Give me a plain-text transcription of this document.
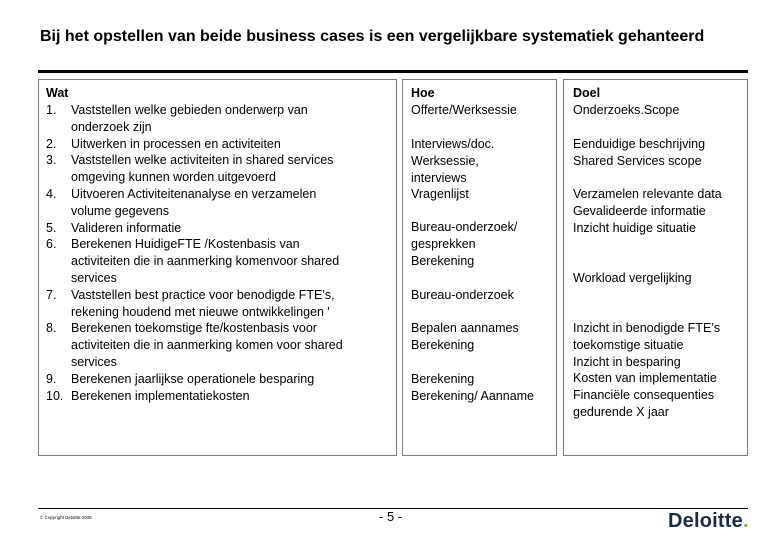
Bij het opstellen van beide business cases is een vergelijkbare systematiek gehanteerd
Wat
1. Vaststellen welke gebieden onderwerp van
onderzoek zijn
2. Uitwerken in processen en activiteiten
3. Vaststellen welke activiteiten in shared services
omgeving kunnen worden uitgevoerd
4. Uitvoeren Activiteitenanalyse en verzamelen
volume gegevens
5. Valideren informatie
6. Berekenen HuidigeFTE /Kostenbasis van
activiteiten die in aanmerking komenvoor shared
services
7. Vaststellen best practice voor benodigde FTE’s,
rekening houdend met nieuwe ontwikkelingen '
8. Berekenen toekomstige fte/kostenbasis voor
activiteiten die in aanmerking komen voor shared
services
9. Berekenen jaarlijkse operationele besparing
10. Berekenen implementatiekosten
Hoe
Offerte/Werksessie
Interviews/doc.
Werksessie,
interviews
Vragenlijst
Bureau-onderzoek/
gesprekken
Berekening
Bureau-onderzoek
Bepalen aannames
Berekening
Berekening
Berekening/ Aanname
Doel
Onderzoeks.Scope
Eenduidige beschrijving
Shared Services scope
Verzamelen relevante data
Gevalideerde informatie
Inzicht huidige situatie
Workload vergelijking
Inzicht in benodigde FTE’s
toekomstige situatie
Inzicht in besparing
Kosten van implementatie
Financiële consequenties
gedurende X jaar
© Copyright Deloitte 2005	- 5 -	Deloitte.
